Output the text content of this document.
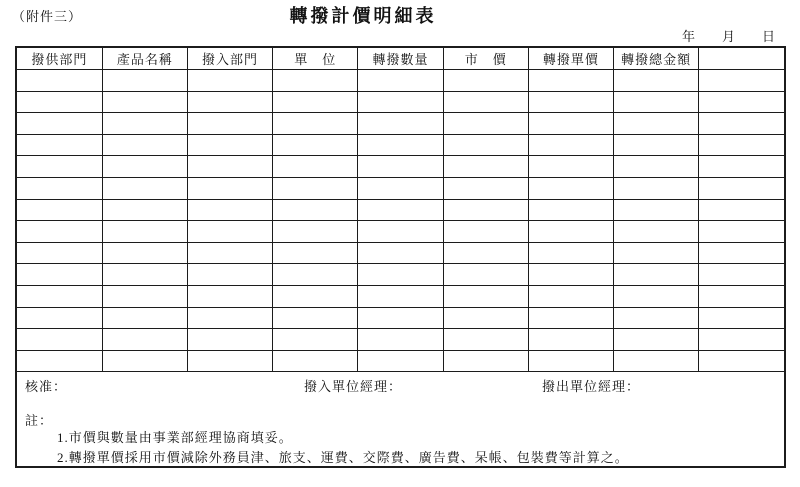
（附件三）	轉撥計價明細表
年 月 日
撥供部門	產品名稱	撥入部門	單　位	轉撥數量	市　價	轉撥單價	轉撥總金額	

核准：	撥入單位經理：	撥出單位經理：
註：
1.市價與數量由事業部經理協商填妥。
2.轉撥單價採用市價減除外務員津、旅支、運費、交際費、廣告費、呆帳、包裝費等計算之。
